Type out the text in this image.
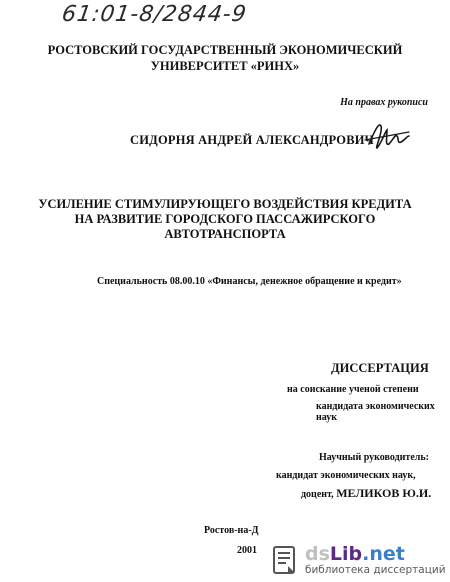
61:01-8/2844-9
РОСТОВСКИЙ ГОСУДАРСТВЕННЫЙ ЭКОНОМИЧЕСКИЙ
УНИВЕРСИТЕТ «РИНХ»
На правах рукописи
СИДОРНЯ АНДРЕЙ АЛЕКСАНДРОВИЧ
УСИЛЕНИЕ СТИМУЛИРУЮЩЕГО ВОЗДЕЙСТВИЯ КРЕДИТА
НА РАЗВИТИЕ ГОРОДСКОГО ПАССАЖИРСКОГО
АВТОТРАНСПОРТА
Специальность 08.00.10 «Финансы, денежное обращение и кредит»
ДИССЕРТАЦИЯ
на соискание ученой степени
кандидата экономических наук
Научный руководитель:
кандидат экономических наук,
доцент, МЕЛИКОВ Ю.И.
Ростов-на-Д
2001	dsLib.net
библиотека диссертаций
